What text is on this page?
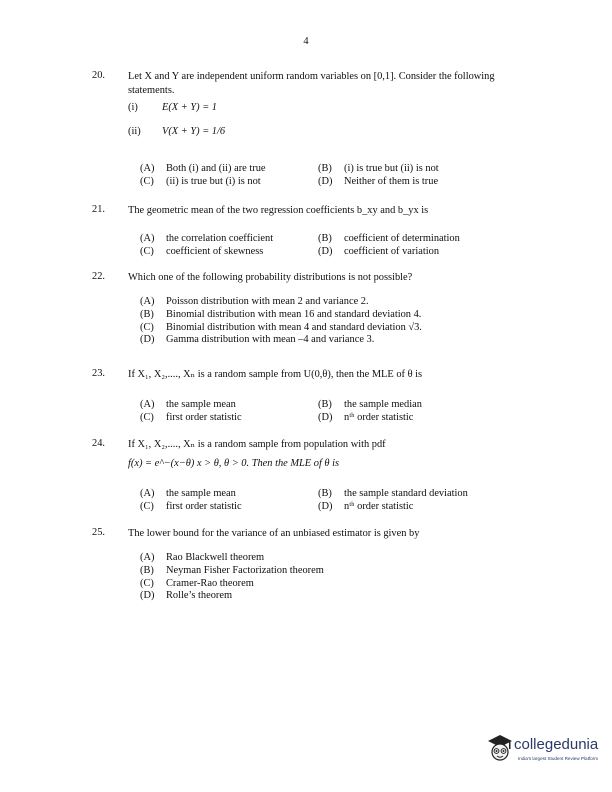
4
20. Let X and Y are independent uniform random variables on [0,1]. Consider the following statements.
(i) E(X + Y) = 1
(ii) V(X + Y) = 1/6
(A) Both (i) and (ii) are true	(B) (i) is true but (ii) is not
(C) (ii) is true but (i) is not	(D) Neither of them is true
21. The geometric mean of the two regression coefficients b_xy and b_yx is
(A) the correlation coefficient	(B) coefficient of determination
(C) coefficient of skewness	(D) coefficient of variation
22. Which one of the following probability distributions is not possible?
(A) Poisson distribution with mean 2 and variance 2.
(B) Binomial distribution with mean 16 and standard deviation 4.
(C) Binomial distribution with mean 4 and standard deviation √3.
(D) Gamma distribution with mean –4 and variance 3.
23. If X₁, X₂,...., Xₙ is a random sample from U(0,θ), then the MLE of θ is
(A) the sample mean	(B) the sample median
(C) first order statistic	(D) nᵗʰ order statistic
24. If X₁, X₂,...., Xₙ is a random sample from population with pdf
f(x) = e^−(x−θ) x > θ, θ > 0. Then the MLE of θ is
(A) the sample mean	(B) the sample standard deviation
(C) first order statistic	(D) nᵗʰ order statistic
25. The lower bound for the variance of an unbiased estimator is given by
(A) Rao Blackwell theorem
(B) Neyman Fisher Factorization theorem
(C) Cramer-Rao theorem
(D) Rolle’s theorem
collegedunia
India's largest Student Review Platform
